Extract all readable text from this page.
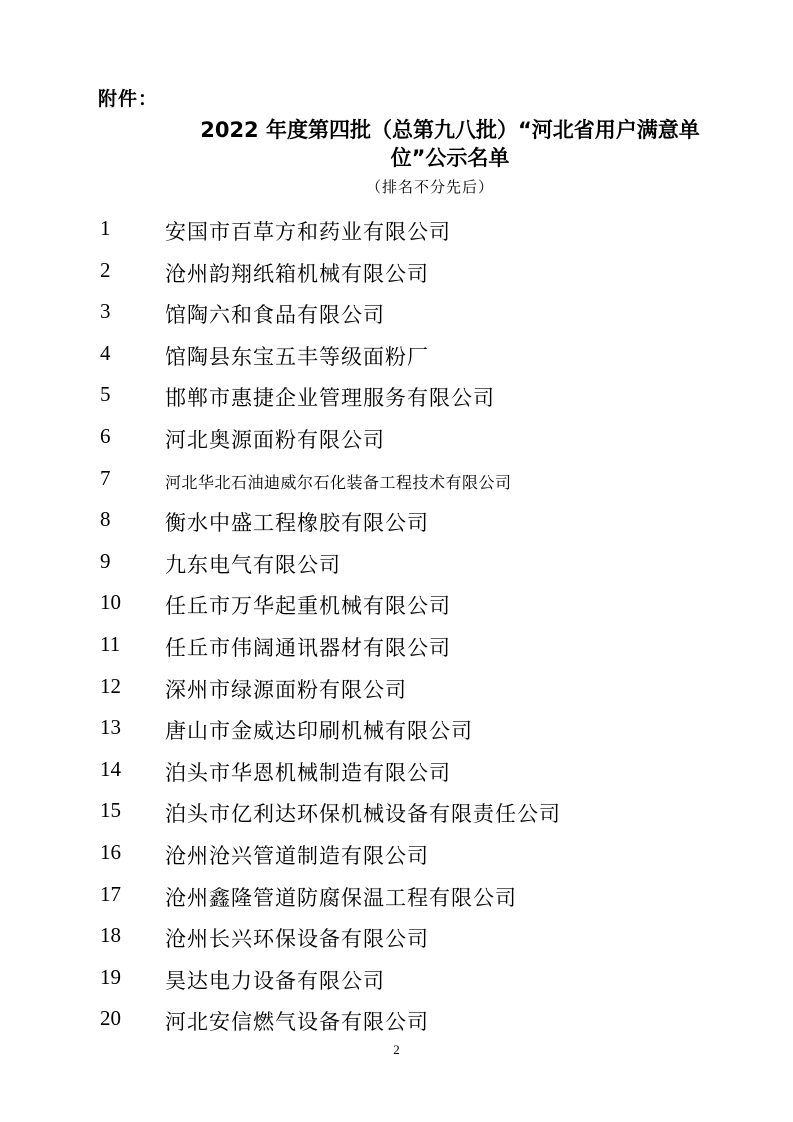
附件：
2022 年度第四批（总第九八批）“河北省用户满意单位”公示名单
（排名不分先后）
1	安国市百草方和药业有限公司
2	沧州韵翔纸箱机械有限公司
3	馆陶六和食品有限公司
4	馆陶县东宝五丰等级面粉厂
5	邯郸市惠捷企业管理服务有限公司
6	河北奥源面粉有限公司
7	河北华北石油迪威尔石化装备工程技术有限公司
8	衡水中盛工程橡胶有限公司
9	九东电气有限公司
10	任丘市万华起重机械有限公司
11	任丘市伟阔通讯器材有限公司
12	深州市绿源面粉有限公司
13	唐山市金威达印刷机械有限公司
14	泊头市华恩机械制造有限公司
15	泊头市亿利达环保机械设备有限责任公司
16	沧州沧兴管道制造有限公司
17	沧州鑫隆管道防腐保温工程有限公司
18	沧州长兴环保设备有限公司
19	昊达电力设备有限公司
20	河北安信燃气设备有限公司
2
